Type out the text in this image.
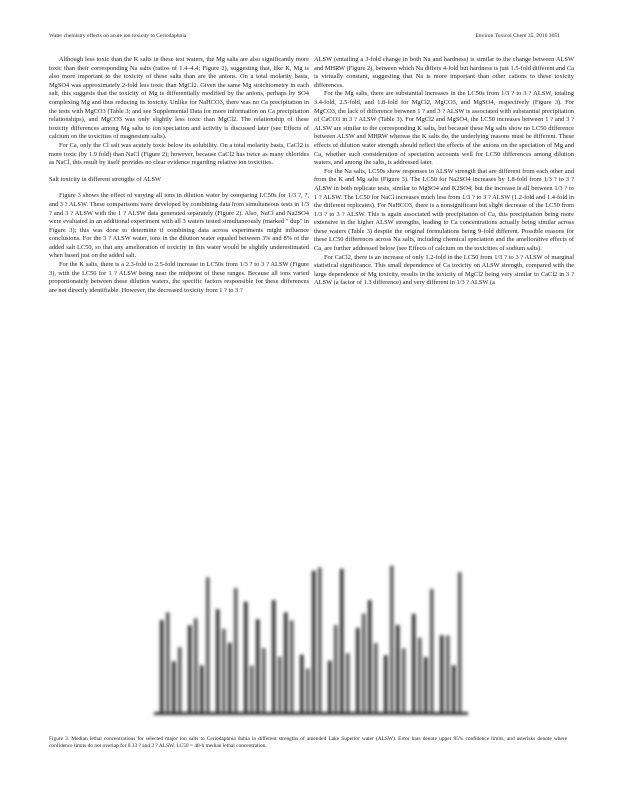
Water chemistry effects on acute ion toxicity to Ceriodaphnia	Environ Toxicol Chem 35, 2016 3051

Although less toxic than the K salts in these test waters, the Mg salts are also significantly more toxic than their corresponding Na salts (ratios of 1.4–4.4; Figure 2), suggesting that, like K, Mg is also more important to the toxicity of these salts than are the anions. On a total molarity basis, MgSO4 was approximately 2-fold less toxic than MgCl2. Given the same Mg stoichiometry in each salt, this suggests that the toxicity of Mg is differentially modified by the anions, perhaps by SO4 complexing Mg and thus reducing its toxicity. Unlike for NaHCO3, there was no Ca precipitation in the tests with MgCO3 (Table 3; and see Supplemental Data for more information on Ca precipitation relationships), and MgCO3 was only slightly less toxic than MgCl2. The relationship of these toxicity differences among Mg salts to ion speciation and activity is discussed later (see Effects of calcium on the toxicities of magnesium salts).

For Ca, only the Cl salt was acutely toxic below its solubility. On a total molarity basis, CaCl2 is more toxic (by 1.9 fold) than NaCl (Figure 2); however, because CaCl2 has twice as many chlorides as NaCl, this result by itself provides no clear evidence regarding relative ion toxicities.

Salt toxicity in different strengths of ALSW

Figure 3 shows the effect of varying all ions in dilution water by comparing LC50s for 1/3 ?, ?, and 3 ? ALSW. These comparisons were developed by combining data from simultaneous tests in 1/3 ? and 3 ? ALSW with the 1 ? ALSW data generated separately (Figure 2). Also, NaCl and Na2SO4 were evaluated in an additional experiment with all 3 waters tested simultaneously (marked " dup" in Figure 3); this was done to determine if combining data across experiments might influence conclusions. For the 3 ? ALSW water, ions in the dilution water equaled between 3% and 8% of the added salt LC50, so that any amelioration of toxicity in this water would be slightly underestimated when based just on the added salt.

For the K salts, there is a 2.3-fold to 2.5-fold increase in LC50s from 1/3 ? to 3 ? ALSW (Figure 3), with the LC50 for 1 ? ALSW being near the midpoint of these ranges. Because all ions varied proportionately between these dilution waters, the specific factors responsible for these differences are not directly identifiable. However, the decreased toxicity from 1 ? to 3 ?

ALSW (entailing a 3-fold change in both Na and hardness) is similar to the change between ALSW and MHRW (Figure 2), between which Na differs 4-fold but hardness is just 1.5-fold different and Ca is virtually constant, suggesting that Na is more important than other cations to these toxicity differences.

For the Mg salts, there are substantial increases in the LC50s from 1/3 ? to 3 ? ALSW, totaling 3.4-fold, 2.5-fold, and 1.8-fold for MgCl2, MgCO3, and MgSO4, respectively (Figure 3). For MgCO3, the lack of difference between 1 ? and 3 ? ALSW is associated with substantial precipitation of CaCO3 in 3 ? ALSW (Table 3). For MgCl2 and MgSO4, the LC50 increases between 1 ? and 3 ? ALSW are similar to the corresponding K salts, but because these Mg salts show no LC50 difference between ALSW and MHRW whereas the K salts do, the underlying reasons must be different. These effects of dilution water strength should reflect the effects of the anions on the speciation of Mg and Ca, whether such consideration of speciation accounts well for LC50 differences among dilution waters, and among the salts, is addressed later.

For the Na salts, LC50s show responses to ALSW strength that are different from each other and from the K and Mg salts (Figure 3). The LC50 for Na2SO4 increases by 1.8-fold from 1/3 ? to 3 ? ALSW in both replicate tests, similar to MgSO4 and K2SO4; but the increase is all between 1/3 ? to 1 ? ALSW. The LC50 for NaCl increases much less from 1/3 ? to 3 ? ALSW (1.2-fold and 1.4-fold in the different replicates). For NaHCO3, there is a nonsignificant but slight decrease of the LC50 from 1/3 ? to 3 ? ALSW. This is again associated with precipitation of Ca, this precipitation being more extensive in the higher ALSW strengths, leading to Ca concentrations actually being similar across these waters (Table 3) despite the original formulations being 9-fold different. Possible reasons for these LC50 differences across Na salts, including chemical speciation and the ameliorative effects of Ca, are further addressed below (see Effects of calcium on the toxicities of sodium salts).

For CaCl2, there is an increase of only 1.2-fold in the LC50 from 1/3 ? to 3 ? ALSW of marginal statistical significance. This small dependence of Ca toxicity on ALSW strength, compared with the large dependence of Mg toxicity, results in the toxicity of MgCl2 being very similar to CaCl2 in 3 ? ALSW (a factor of 1.3 difference) and very different in 1/3 ? ALSW (a

Figure 3. Median lethal concentrations for selected major ion salts to Ceriodaphnia dubia in different strengths of amended Lake Superior water (ALSW). Error bars denote upper 95% confidence limits, and asterisks denote where confidence limits do not overlap for 0.33 ? and 3 ? ALSW. LC50 = 48-h median lethal concentration.
